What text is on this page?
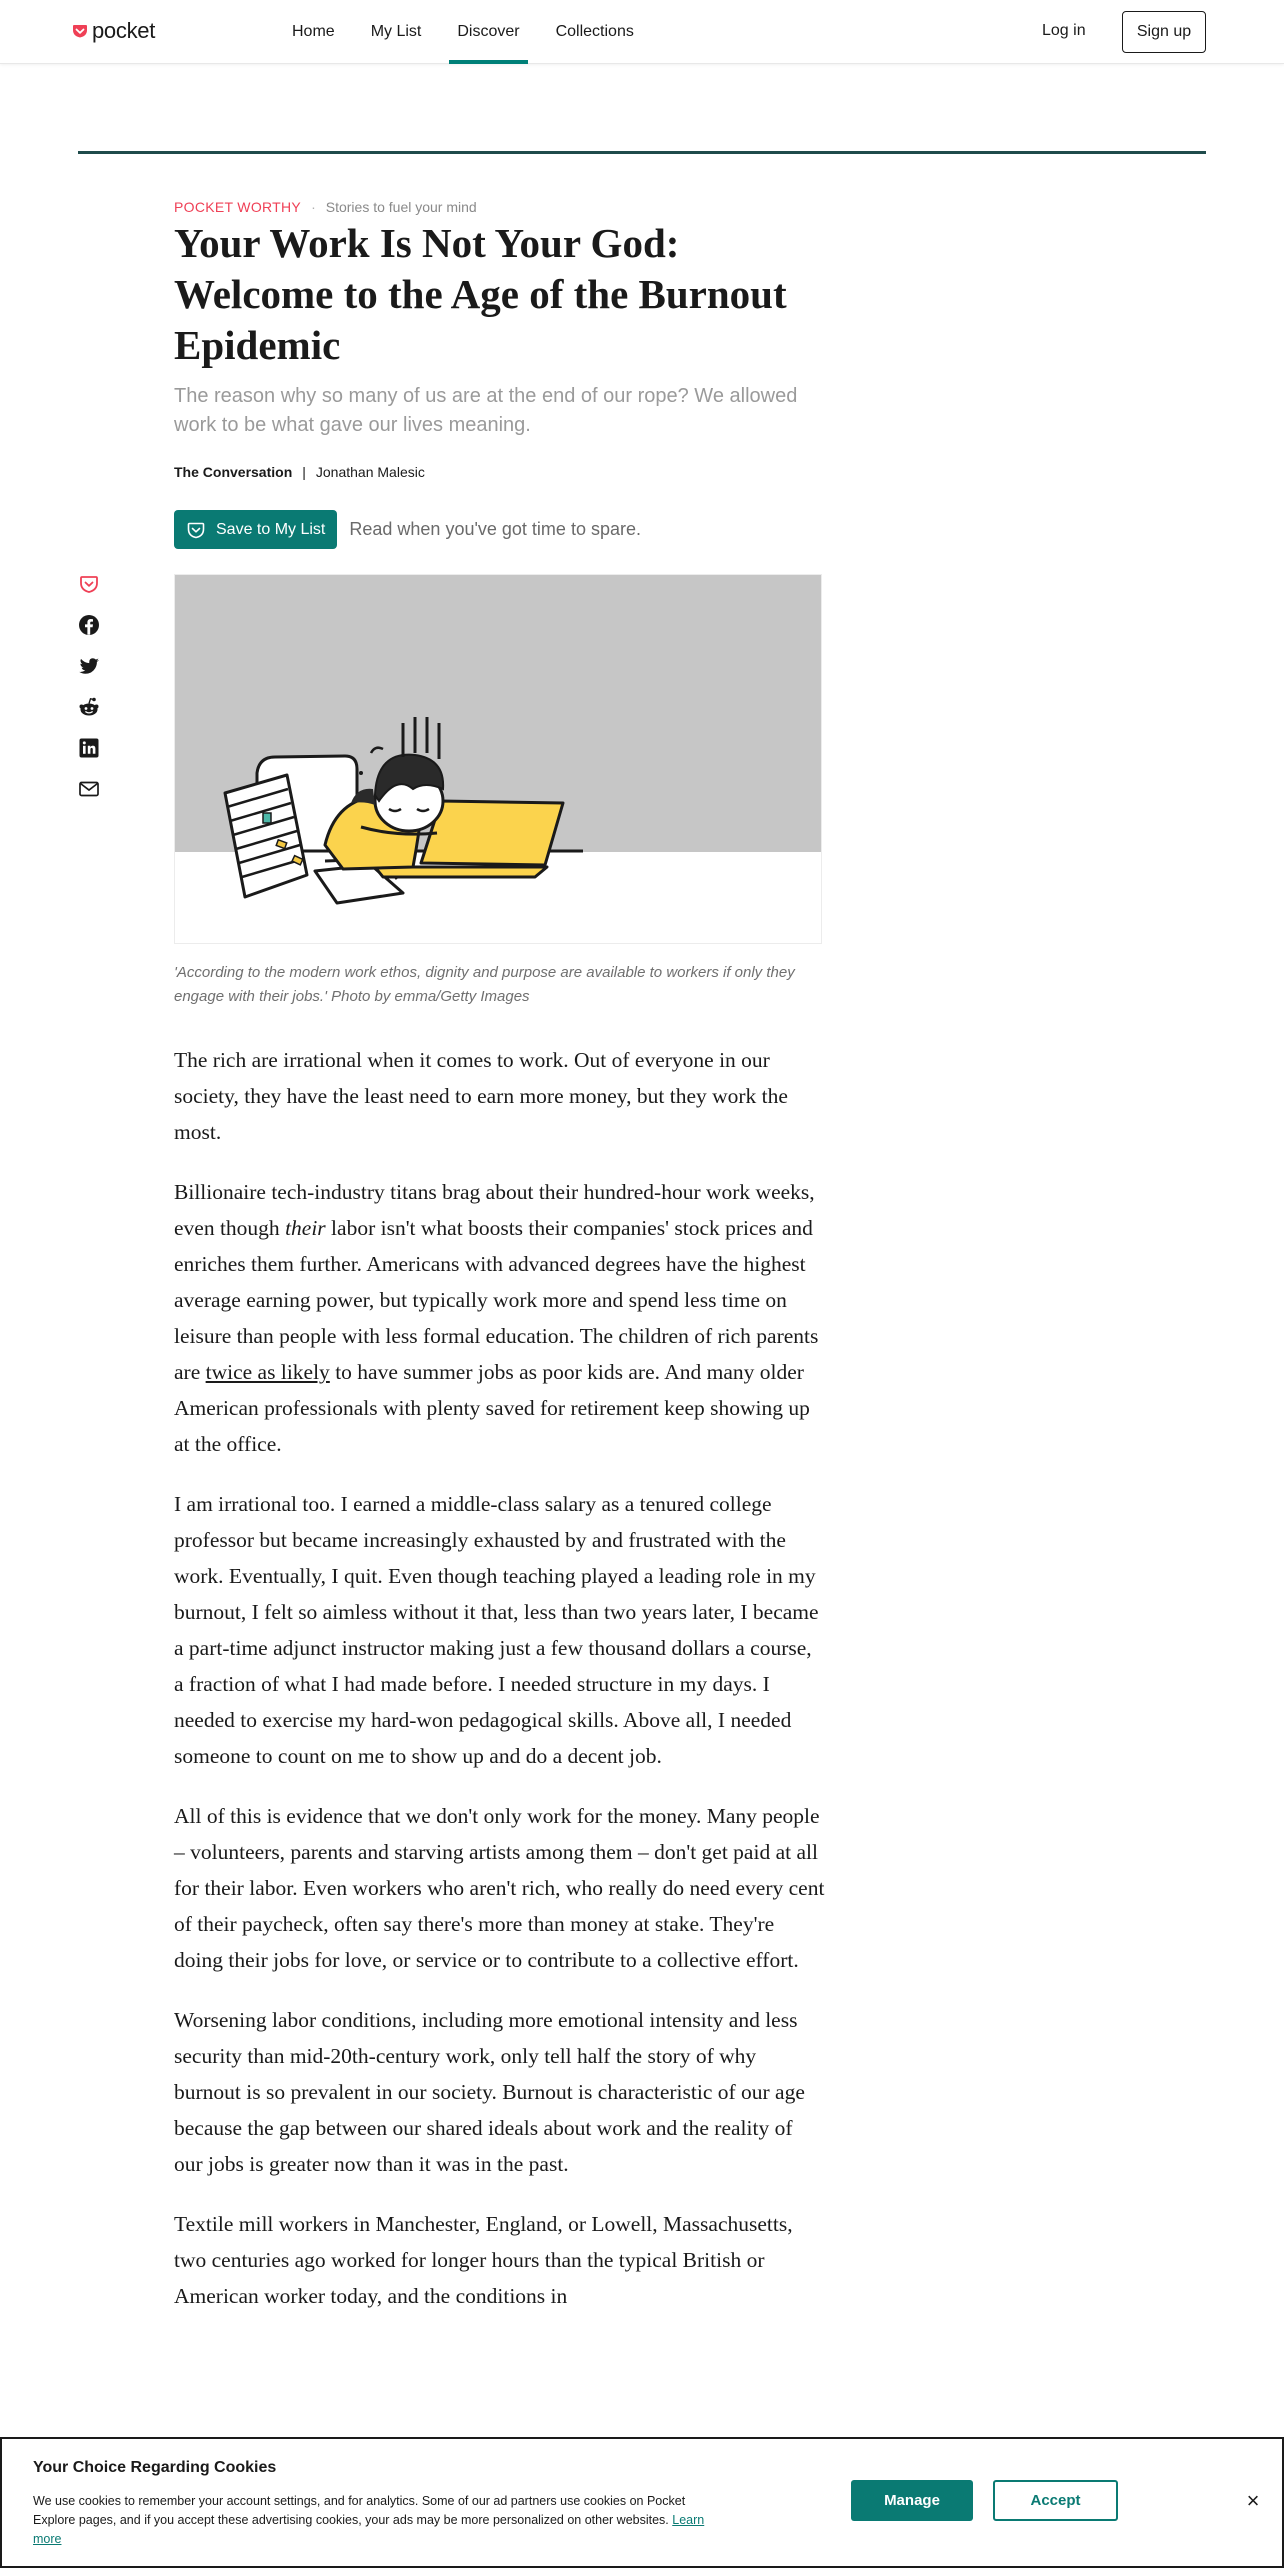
pocket	Home	My List	Discover	Collections	Log in	Sign up
POCKET WORTHY · Stories to fuel your mind
Your Work Is Not Your God: Welcome to the Age of the Burnout Epidemic
The reason why so many of us are at the end of our rope? We allowed work to be what gave our lives meaning.
The Conversation | Jonathan Malesic
Save to My List Read when you've got time to spare.
'According to the modern work ethos, dignity and purpose are available to workers if only they engage with their jobs.' Photo by emma/Getty Images

The rich are irrational when it comes to work. Out of everyone in our society, they have the least need to earn more money, but they work the most.

Billionaire tech-industry titans brag about their hundred-hour work weeks, even though their labor isn't what boosts their companies' stock prices and enriches them further. Americans with advanced degrees have the highest average earning power, but typically work more and spend less time on leisure than people with less formal education. The children of rich parents are twice as likely to have summer jobs as poor kids are. And many older American professionals with plenty saved for retirement keep showing up at the office.

I am irrational too. I earned a middle-class salary as a tenured college professor but became increasingly exhausted by and frustrated with the work. Eventually, I quit. Even though teaching played a leading role in my burnout, I felt so aimless without it that, less than two years later, I became a part-time adjunct instructor making just a few thousand dollars a course, a fraction of what I had made before. I needed structure in my days. I needed to exercise my hard-won pedagogical skills. Above all, I needed someone to count on me to show up and do a decent job.

All of this is evidence that we don't only work for the money. Many people – volunteers, parents and starving artists among them – don't get paid at all for their labor. Even workers who aren't rich, who really do need every cent of their paycheck, often say there's more than money at stake. They're doing their jobs for love, or service or to contribute to a collective effort.

Worsening labor conditions, including more emotional intensity and less security than mid-20th-century work, only tell half the story of why burnout is so prevalent in our society. Burnout is characteristic of our age because the gap between our shared ideals about work and the reality of our jobs is greater now than it was in the past.

Textile mill workers in Manchester, England, or Lowell, Massachusetts, two centuries ago worked for longer hours than the typical British or American worker today, and the conditions in

Your Choice Regarding Cookies
We use cookies to remember your account settings, and for analytics. Some of our ad partners use cookies on Pocket Explore pages, and if you accept these advertising cookies, your ads may be more personalized on other websites. Learn more
Manage	Accept	×
